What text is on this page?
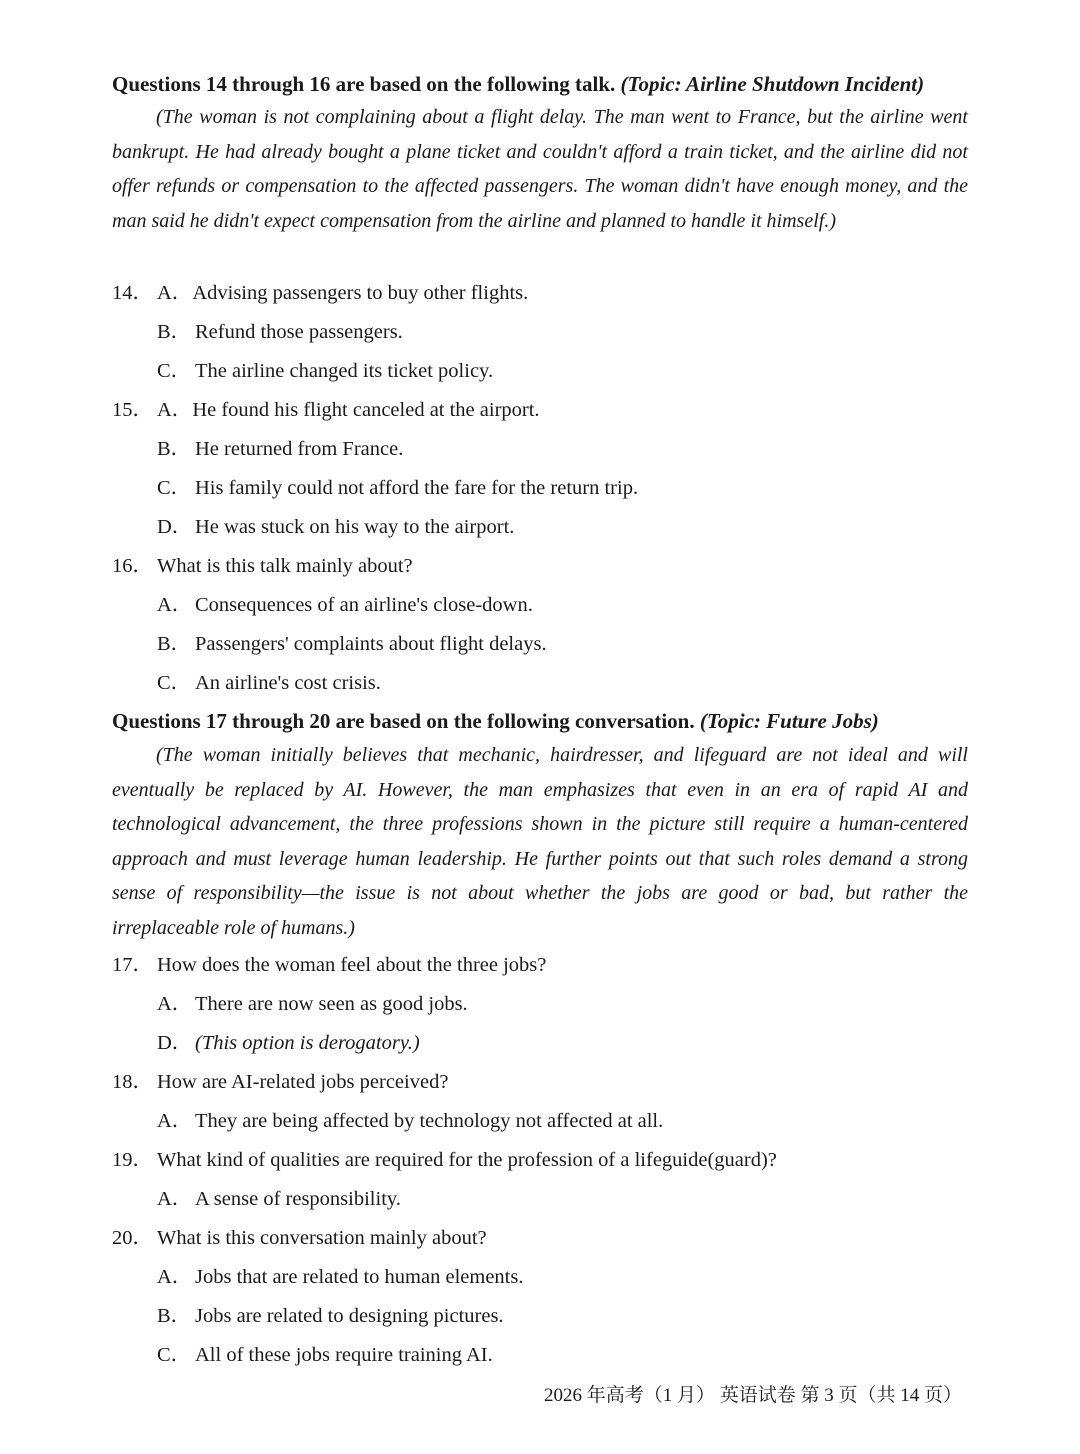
Questions 14 through 16 are based on the following talk. (Topic: Airline Shutdown Incident)
(The woman is not complaining about a flight delay. The man went to France, but the airline went bankrupt. He had already bought a plane ticket and couldn't afford a train ticket, and the airline did not offer refunds or compensation to the affected passengers. The woman didn't have enough money, and the man said he didn't expect compensation from the airline and planned to handle it himself.)
14． A．Advising passengers to buy other flights.
B． Refund those passengers.
C． The airline changed its ticket policy.
15． A．He found his flight canceled at the airport.
B． He returned from France.
C． His family could not afford the fare for the return trip.
D． He was stuck on his way to the airport.
16． What is this talk mainly about?
A． Consequences of an airline's close-down.
B． Passengers' complaints about flight delays.
C． An airline's cost crisis.
Questions 17 through 20 are based on the following conversation. (Topic: Future Jobs)
(The woman initially believes that mechanic, hairdresser, and lifeguard are not ideal and will eventually be replaced by AI. However, the man emphasizes that even in an era of rapid AI and technological advancement, the three professions shown in the picture still require a human-centered approach and must leverage human leadership. He further points out that such roles demand a strong sense of responsibility—the issue is not about whether the jobs are good or bad, but rather the irreplaceable role of humans.)
17． How does the woman feel about the three jobs?
A． There are now seen as good jobs.
D． (This option is derogatory.)
18． How are AI-related jobs perceived?
A． They are being affected by technology not affected at all.
19． What kind of qualities are required for the profession of a lifeguide(guard)?
A． A sense of responsibility.
20． What is this conversation mainly about?
A． Jobs that are related to human elements.
B． Jobs are related to designing pictures.
C． All of these jobs require training AI.
2026 年高考（1 月） 英语试卷 第 3 页（共 14 页）
